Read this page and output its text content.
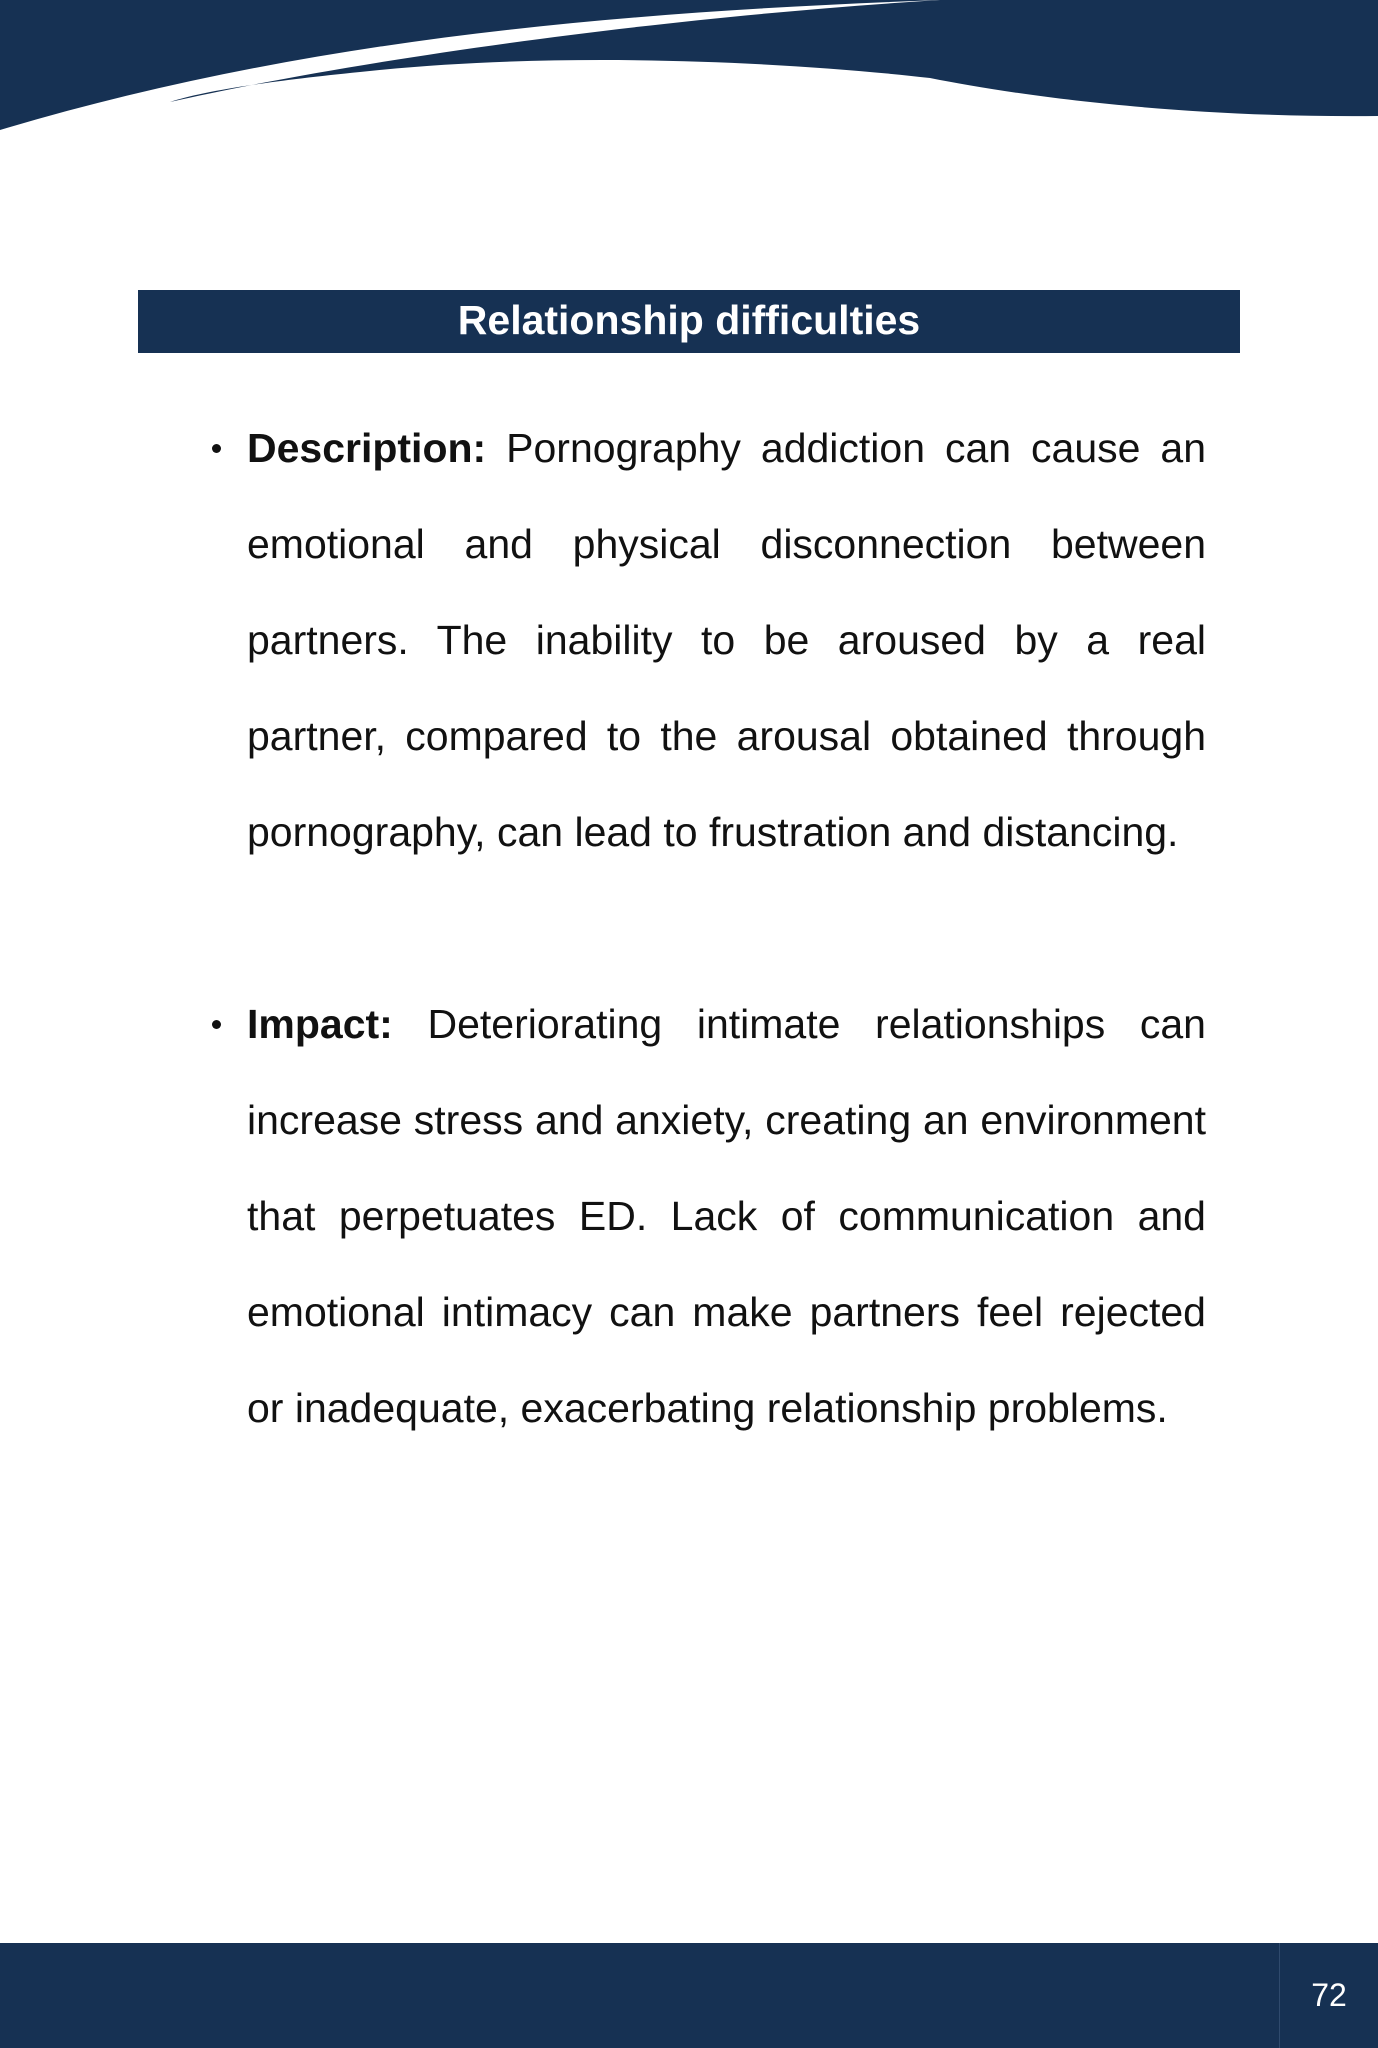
Relationship difficulties
Description: Pornography addiction can cause an emotional and physical disconnection between partners. The inability to be aroused by a real partner, compared to the arousal obtained through pornography, can lead to frustration and distancing.
Impact: Deteriorating intimate relationships can increase stress and anxiety, creating an environment that perpetuates ED. Lack of communication and emotional intimacy can make partners feel rejected or inadequate, exacerbating relationship problems.
72
